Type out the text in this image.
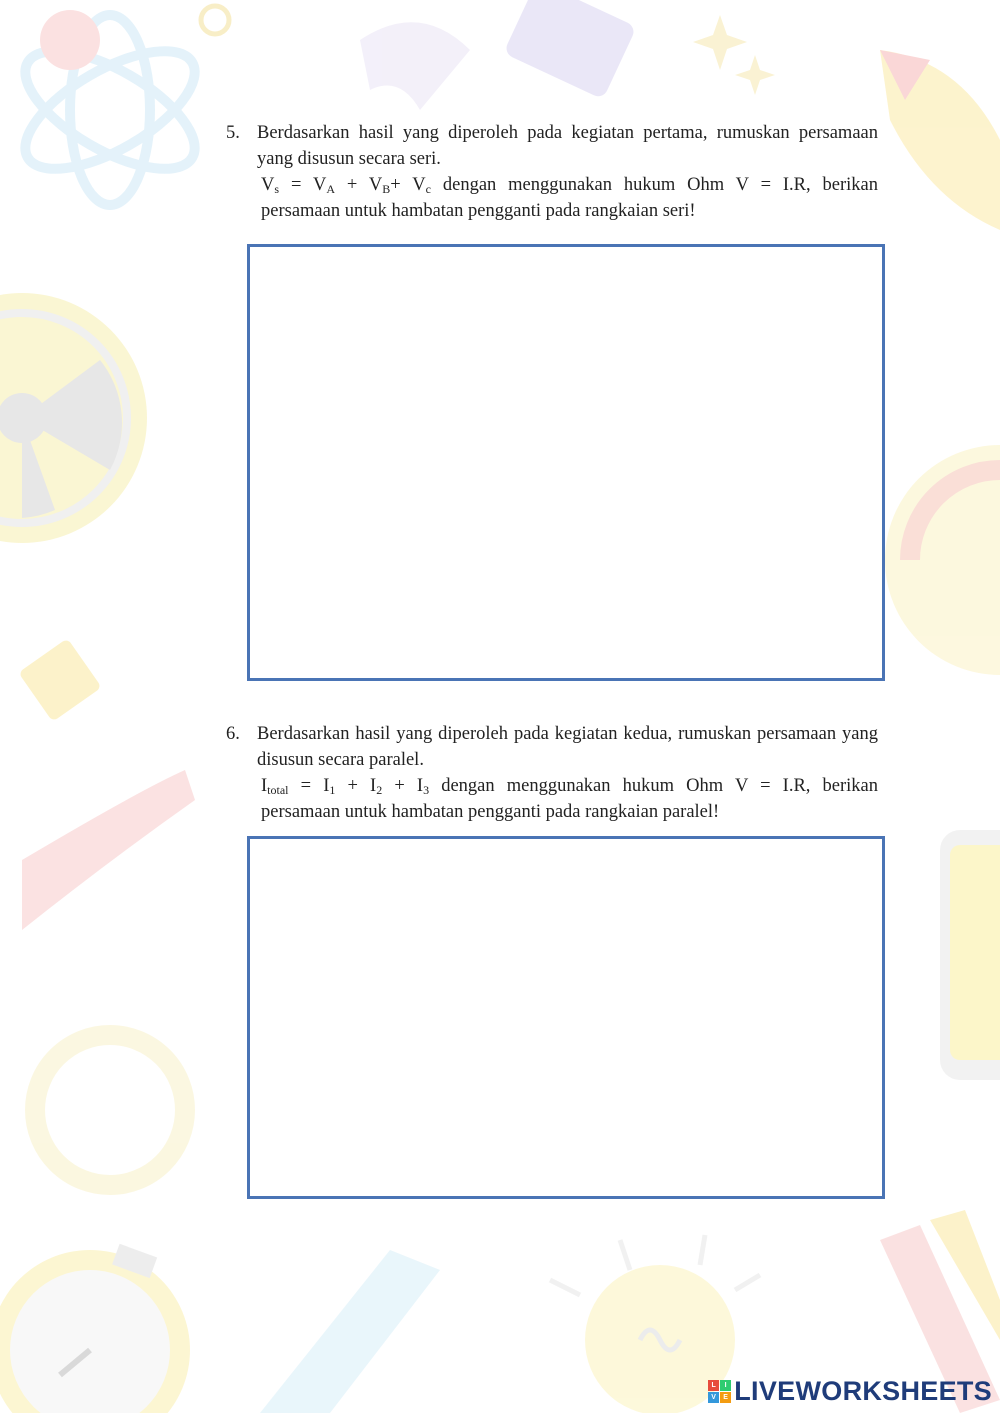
5. Berdasarkan hasil yang diperoleh pada kegiatan pertama, rumuskan persamaan yang disusun secara seri.
$V_s = V_A + V_B+ V_c$ dengan menggunakan hukum Ohm V = I.R, berikan
persamaan untuk hambatan pengganti pada rangkaian seri!
6. Berdasarkan hasil yang diperoleh pada kegiatan kedua, rumuskan persamaan yang disusun secara paralel.
$I_{total} = I_1 + I_2 + I_3$ dengan menggunakan hukum Ohm V = I.R, berikan
persamaan untuk hambatan pengganti pada rangkaian paralel!
L	I
V	E LIVEWORKSHEETS
